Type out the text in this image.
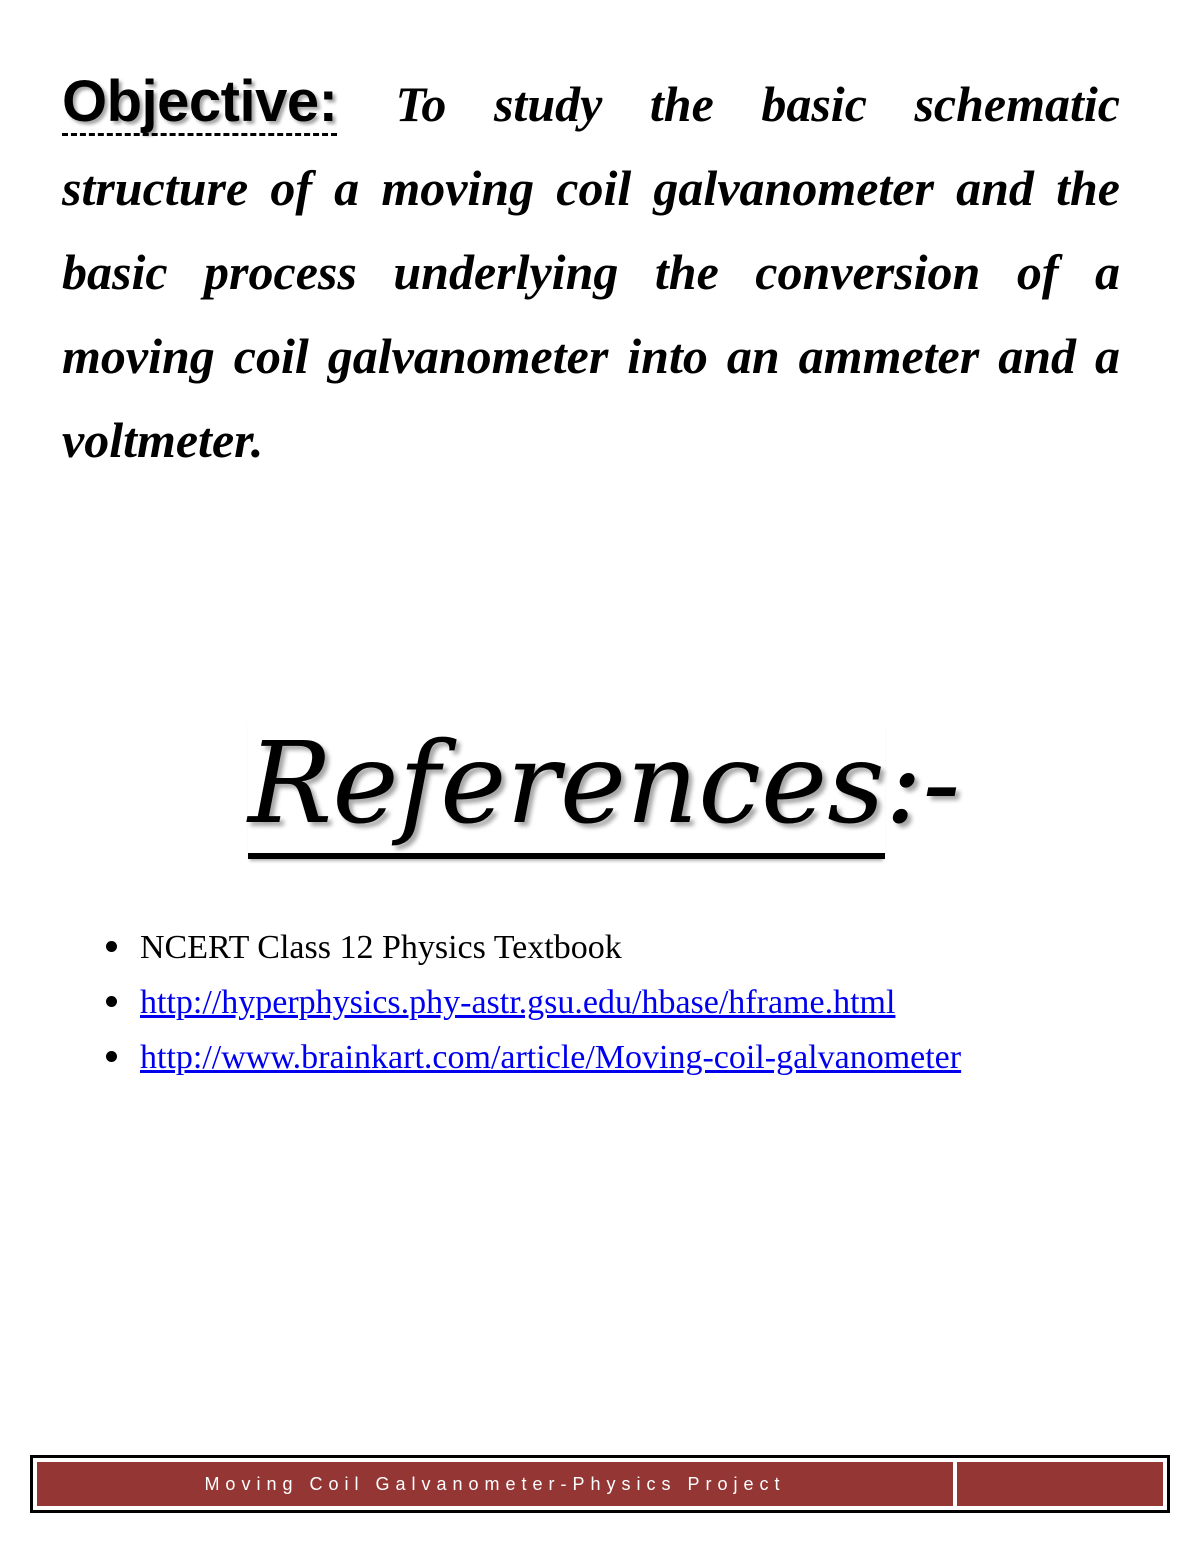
Objective: To study the basic schematic structure of a moving coil galvanometer and the basic process underlying the conversion of a moving coil galvanometer into an ammeter and a voltmeter.
References:-
NCERT Class 12 Physics Textbook
http://hyperphysics.phy-astr.gsu.edu/hbase/hframe.html
http://www.brainkart.com/article/Moving-coil-galvanometer
Moving Coil Galvanometer-Physics Project
